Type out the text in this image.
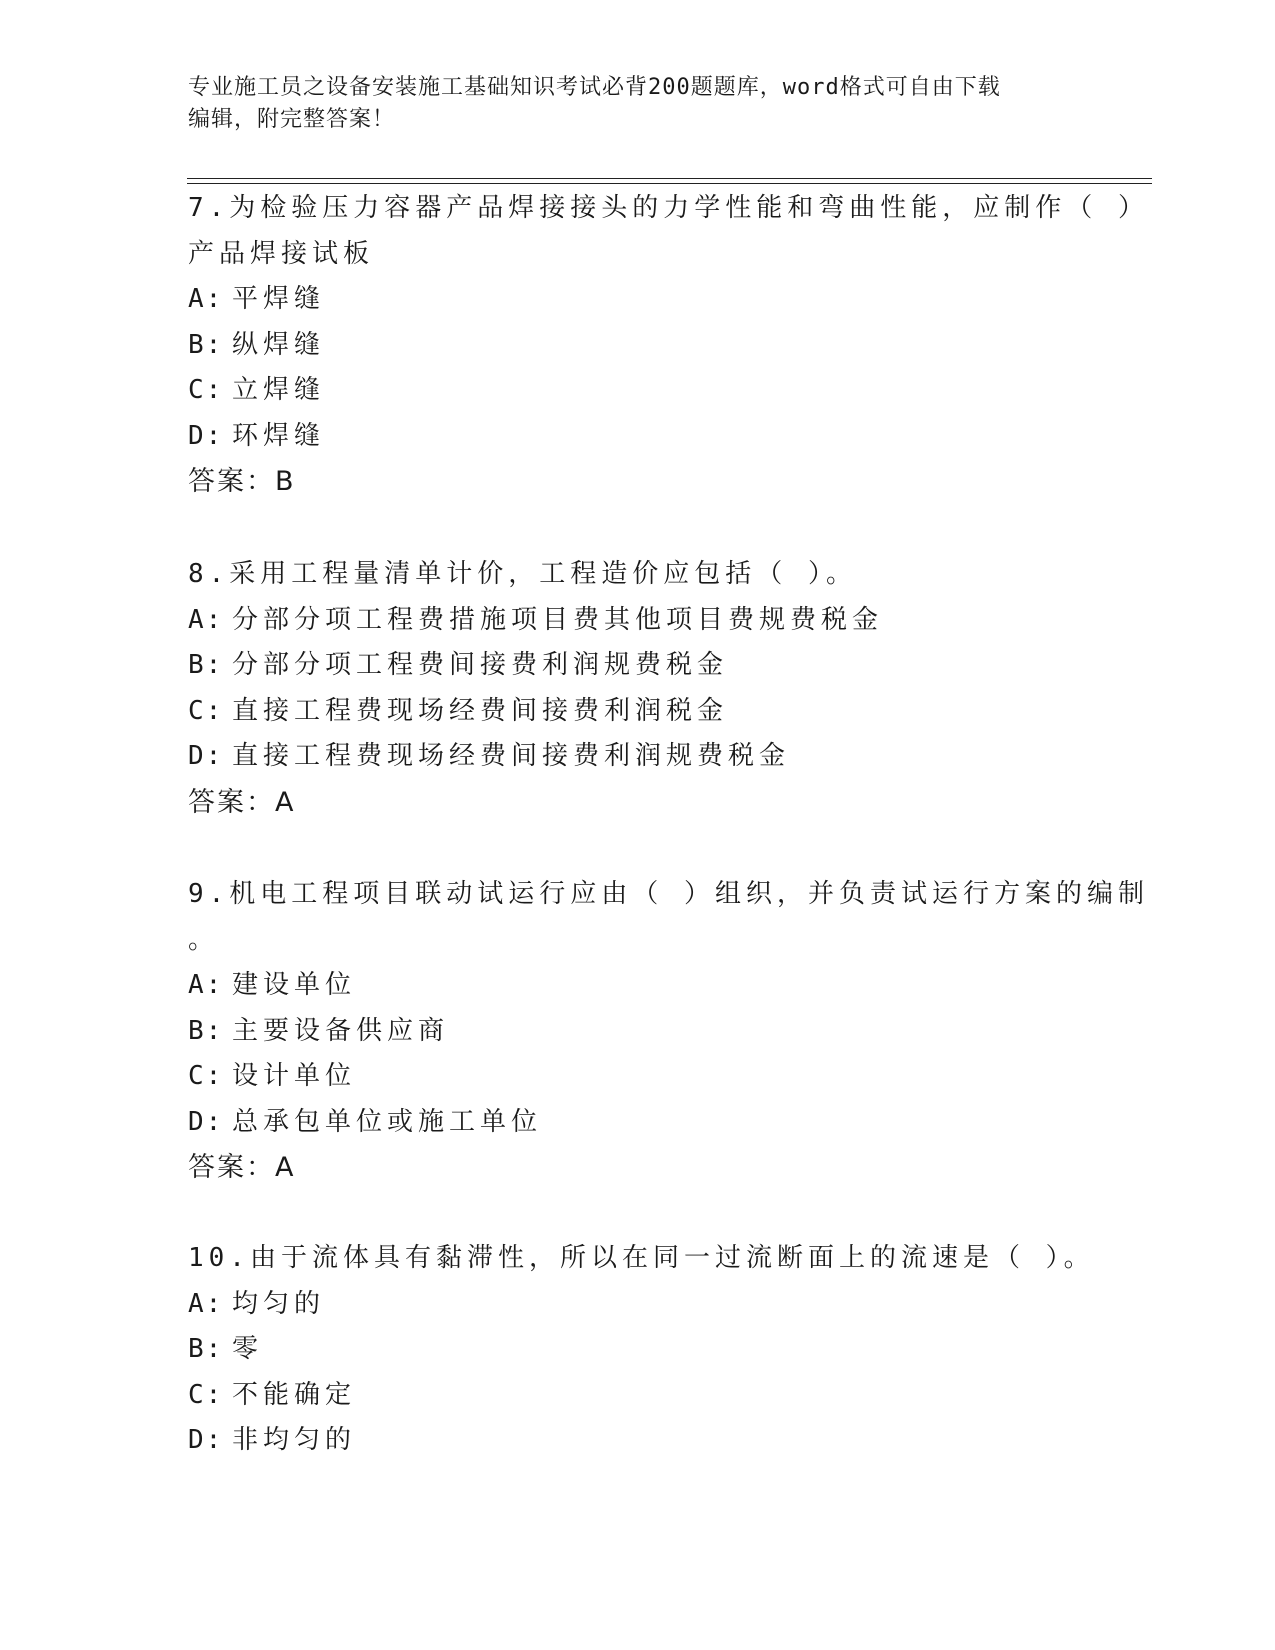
专业施工员之设备安装施工基础知识考试必背200题题库，word格式可自由下载
编辑，附完整答案！
7.为检验压力容器产品焊接接头的力学性能和弯曲性能，应制作（ ）
产品焊接试板
A: 平焊缝
B: 纵焊缝
C: 立焊缝
D: 环焊缝
答案：B
8.采用工程量清单计价，工程造价应包括（ ）。
A: 分部分项工程费措施项目费其他项目费规费税金
B: 分部分项工程费间接费利润规费税金
C: 直接工程费现场经费间接费利润税金
D: 直接工程费现场经费间接费利润规费税金
答案：A
9.机电工程项目联动试运行应由（ ）组织，并负责试运行方案的编制
。
A: 建设单位
B: 主要设备供应商
C: 设计单位
D: 总承包单位或施工单位
答案：A
10.由于流体具有黏滞性，所以在同一过流断面上的流速是（ ）。
A: 均匀的
B: 零
C: 不能确定
D: 非均匀的
